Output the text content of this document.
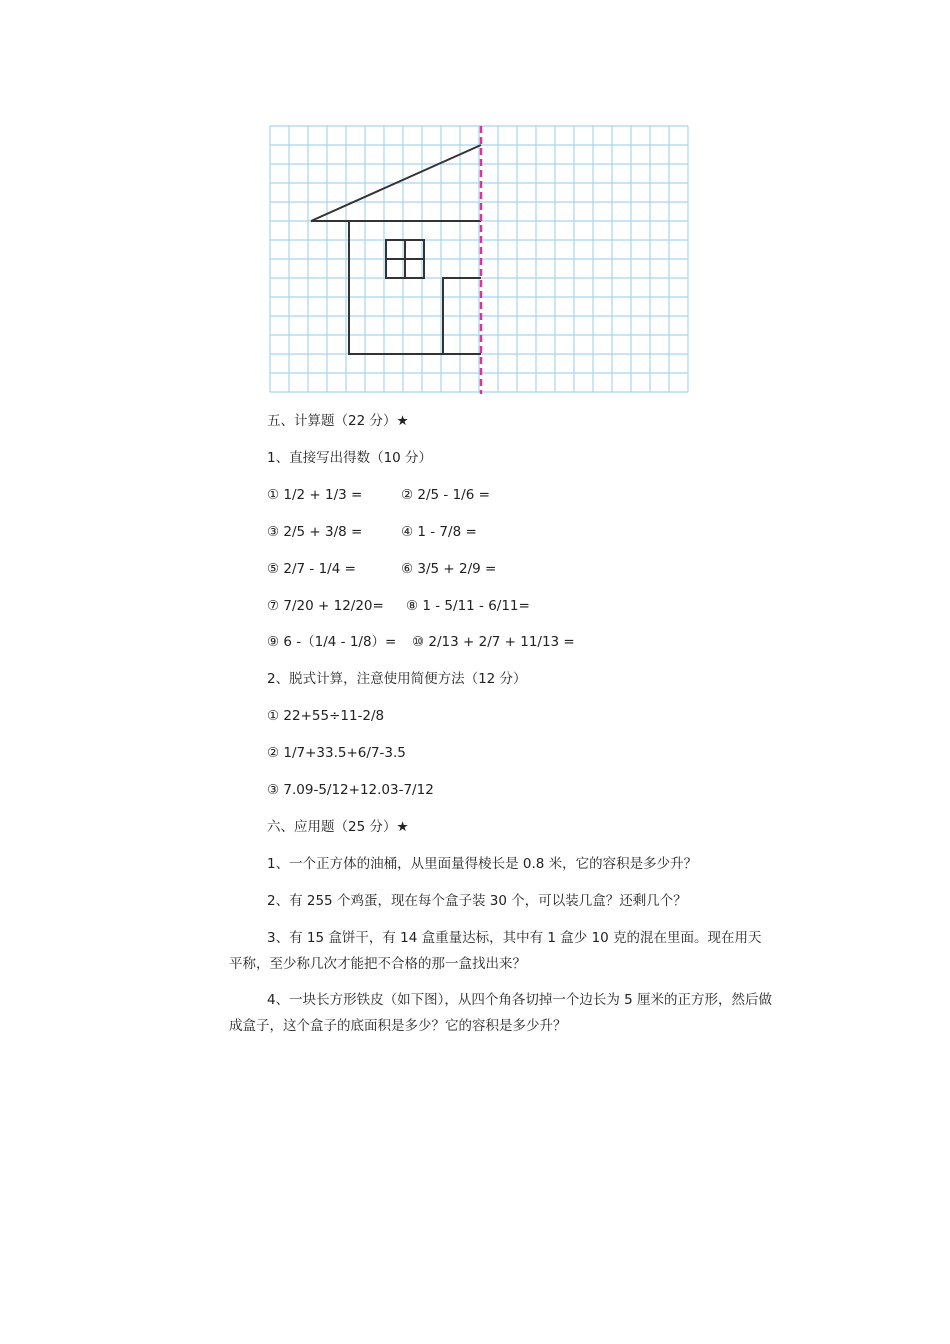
五、计算题（22 分）★
1、直接写出得数（10 分）
① 1/2 + 1/3 =	② 2/5 - 1/6 =
③ 2/5 + 3/8 =	④ 1 - 7/8 =
⑤ 2/7 - 1/4 =	⑥ 3/5 + 2/9 =
⑦ 7/20 + 12/20= ⑧ 1 - 5/11 - 6/11=
⑨ 6 -（1/4 - 1/8）= ⑩ 2/13 + 2/7 + 11/13 =
2、脱式计算，注意使用简便方法（12 分）
① 22+55÷11-2/8
② 1/7+33.5+6/7-3.5
③ 7.09-5/12+12.03-7/12
六、应用题（25 分）★
1、一个正方体的油桶，从里面量得棱长是 0.8 米，它的容积是多少升？
2、有 255 个鸡蛋，现在每个盒子装 30 个，可以装几盒？还剩几个？
3、有 15 盒饼干，有 14 盒重量达标，其中有 1 盒少 10 克的混在里面。现在用天平称，至少称几次才能把不合格的那一盒找出来？
4、一块长方形铁皮（如下图），从四个角各切掉一个边长为 5 厘米的正方形，然后做成盒子，这个盒子的底面积是多少？它的容积是多少升？
